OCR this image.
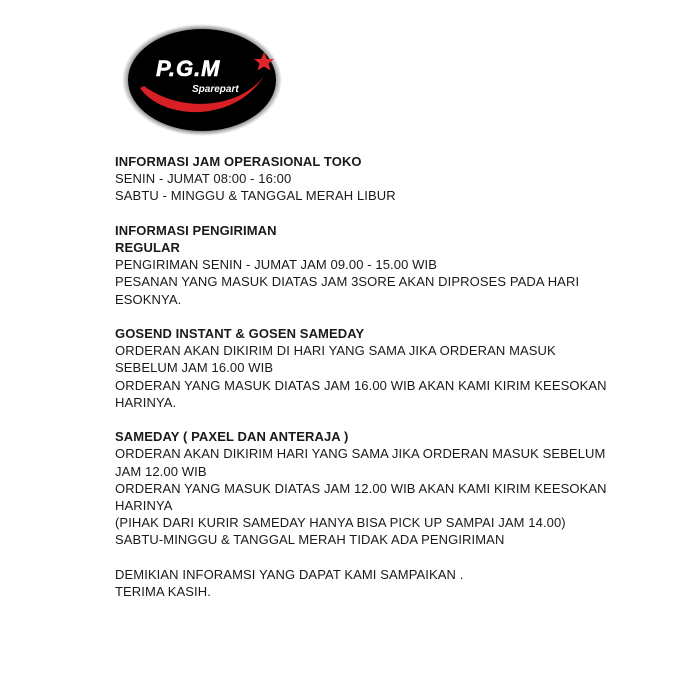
P.G.M
Sparepart
INFORMASI JAM OPERASIONAL TOKO
SENIN - JUMAT 08:00 - 16:00
SABTU - MINGGU & TANGGAL MERAH LIBUR
INFORMASI PENGIRIMAN
REGULAR
PENGIRIMAN SENIN - JUMAT JAM 09.00 - 15.00 WIB
PESANAN YANG MASUK DIATAS JAM 3SORE AKAN DIPROSES PADA HARI
ESOKNYA.
GOSEND INSTANT & GOSEN SAMEDAY
ORDERAN AKAN DIKIRIM DI HARI YANG SAMA JIKA ORDERAN MASUK
SEBELUM JAM 16.00 WIB
ORDERAN YANG MASUK DIATAS JAM 16.00 WIB AKAN KAMI KIRIM KEESOKAN
HARINYA.
SAMEDAY ( PAXEL DAN ANTERAJA )
ORDERAN AKAN DIKIRIM HARI YANG SAMA JIKA ORDERAN MASUK SEBELUM
JAM 12.00 WIB
ORDERAN YANG MASUK DIATAS JAM 12.00 WIB AKAN KAMI KIRIM KEESOKAN
HARINYA
(PIHAK DARI KURIR SAMEDAY HANYA BISA PICK UP SAMPAI JAM 14.00)
SABTU-MINGGU & TANGGAL MERAH TIDAK ADA PENGIRIMAN
DEMIKIAN INFORAMSI YANG DAPAT KAMI SAMPAIKAN .
TERIMA KASIH.
